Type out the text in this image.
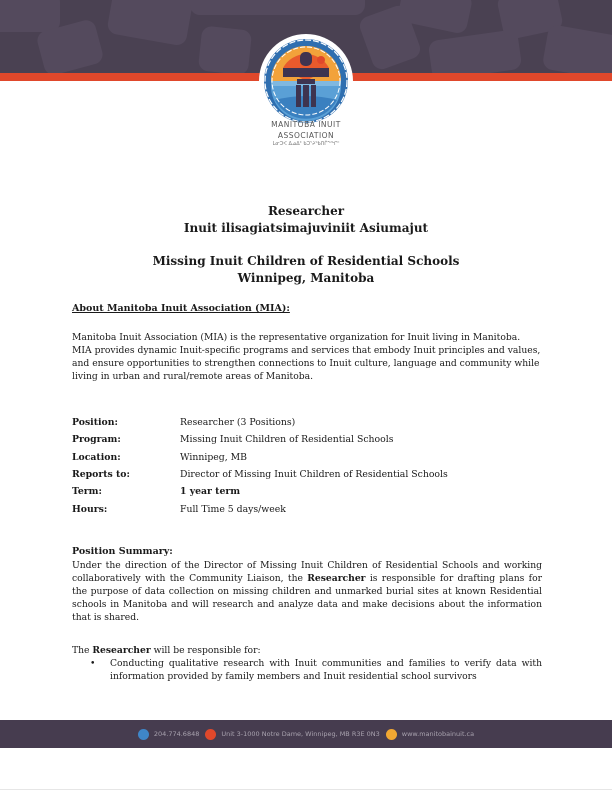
MANITOBA INUIT
ASSOCIATION
ᒪᓂᑐᐸ ᐃᓄᐃᑦ ᑲᑐᔾᔨᖃᑎᒌᖕᖏᑦ
Researcher
Inuit ilisagiatsimajuviniit Asiumajut
Missing Inuit Children of Residential Schools
Winnipeg, Manitoba
About Manitoba Inuit Association (MIA):
Manitoba Inuit Association (MIA) is the representative organization for Inuit living in Manitoba. MIA provides dynamic Inuit-specific programs and services that embody Inuit principles and values, and ensure opportunities to strengthen connections to Inuit culture, language and community while living in urban and rural/remote areas of Manitoba.
Position:	Researcher (3 Positions)
Program:	Missing Inuit Children of Residential Schools
Location:	Winnipeg, MB
Reports to:	Director of Missing Inuit Children of Residential Schools
Term:	1 year term
Hours:	Full Time 5 days/week
Position Summary:
Under the direction of the Director of Missing Inuit Children of Residential Schools and working collaboratively with the Community Liaison, the Researcher is responsible for drafting plans for the purpose of data collection on missing children and unmarked burial sites at known Residential schools in Manitoba and will research and analyze data and make decisions about the information that is shared.
The Researcher will be responsible for:
• Conducting qualitative research with Inuit communities and families to verify data with information provided by family members and Inuit residential school survivors
204.774.6848	Unit 3-1000 Notre Dame, Winnipeg, MB R3E 0N3	www.manitobainuit.ca
